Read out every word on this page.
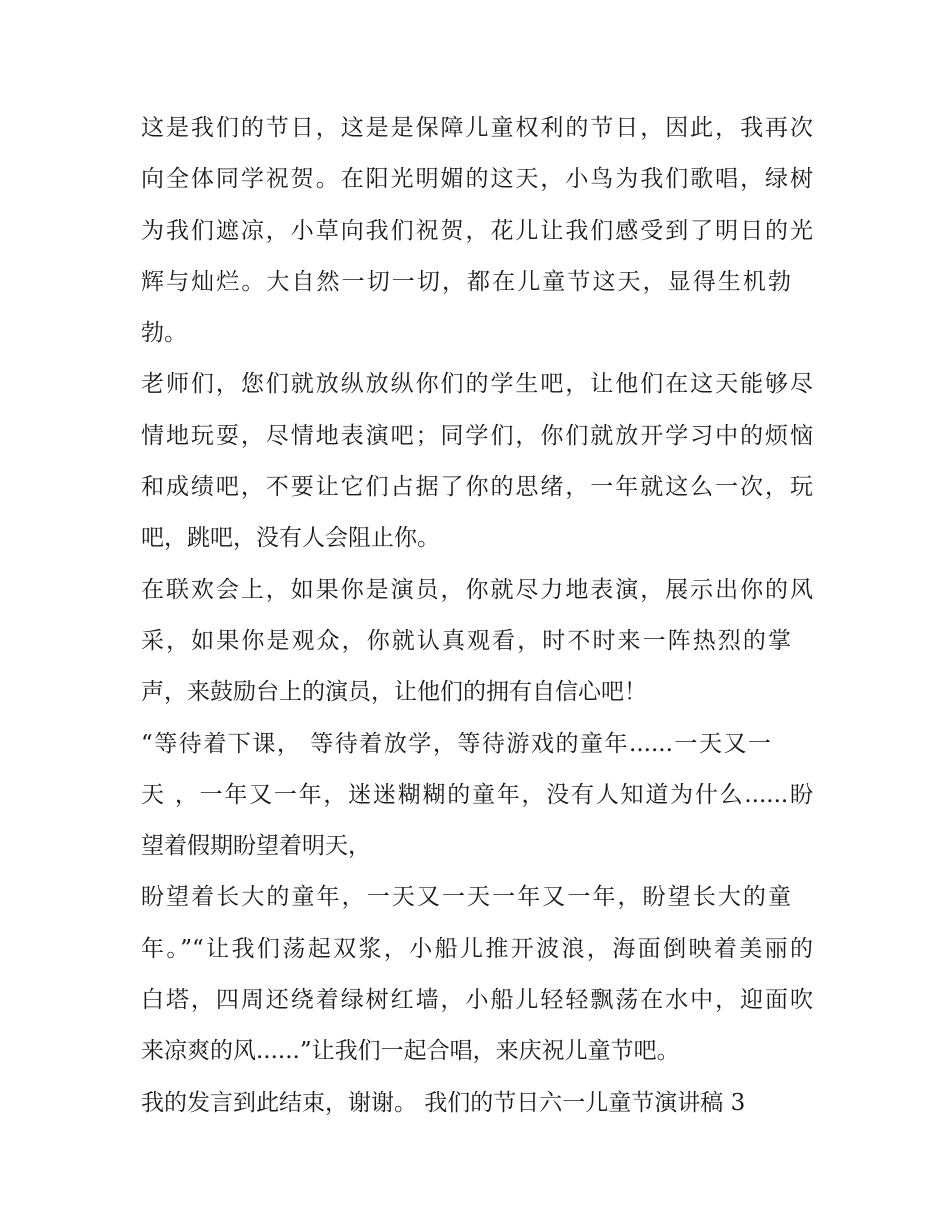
这是我们的节日，这是是保障儿童权利的节日，因此，我再次
向全体同学祝贺。在阳光明媚的这天，小鸟为我们歌唱，绿树
为我们遮凉，小草向我们祝贺，花儿让我们感受到了明日的光
辉与灿烂。大自然一切一切，都在儿童节这天，显得生机勃
勃。
老师们，您们就放纵放纵你们的学生吧，让他们在这天能够尽
情地玩耍，尽情地表演吧；同学们，你们就放开学习中的烦恼
和成绩吧，不要让它们占据了你的思绪，一年就这么一次，玩
吧，跳吧，没有人会阻止你。
在联欢会上，如果你是演员，你就尽力地表演，展示出你的风
采，如果你是观众，你就认真观看，时不时来一阵热烈的掌
声，来鼓励台上的演员，让他们的拥有自信心吧！
“等待着下课， 等待着放学，等待游戏的童年......一天又一
天 ，一年又一年，迷迷糊糊的童年，没有人知道为什么......盼
望着假期盼望着明天，
盼望着长大的童年，一天又一天一年又一年，盼望长大的童
年。”“让我们荡起双浆，小船儿推开波浪，海面倒映着美丽的
白塔，四周还绕着绿树红墙，小船儿轻轻飘荡在水中，迎面吹
来凉爽的风......”让我们一起合唱，来庆祝儿童节吧。
我的发言到此结束，谢谢。 我们的节日六一儿童节演讲稿 3
